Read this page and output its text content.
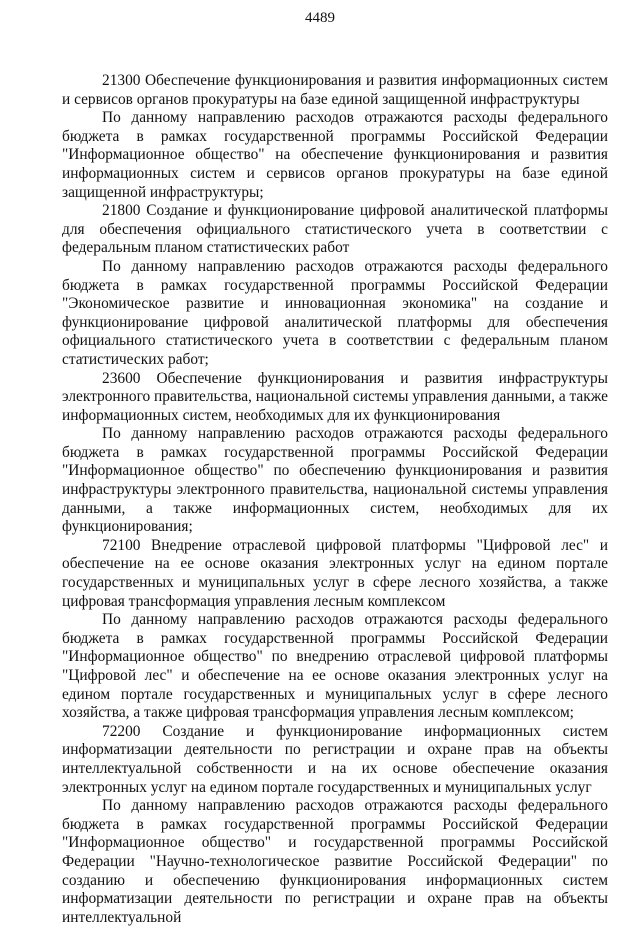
4489

21300 Обеспечение функционирования и развития информационных систем и сервисов органов прокуратуры на базе единой защищенной инфраструктуры

По данному направлению расходов отражаются расходы федерального бюджета в рамках государственной программы Российской Федерации "Информационное общество" на обеспечение функционирования и развития информационных систем и сервисов органов прокуратуры на базе единой защищенной инфраструктуры;

21800 Создание и функционирование цифровой аналитической платформы для обеспечения официального статистического учета в соответствии с федеральным планом статистических работ

По данному направлению расходов отражаются расходы федерального бюджета в рамках государственной программы Российской Федерации "Экономическое развитие и инновационная экономика" на создание и функционирование цифровой аналитической платформы для обеспечения официального статистического учета в соответствии с федеральным планом статистических работ;

23600 Обеспечение функционирования и развития инфраструктуры электронного правительства, национальной системы управления данными, а также информационных систем, необходимых для их функционирования

По данному направлению расходов отражаются расходы федерального бюджета в рамках государственной программы Российской Федерации "Информационное общество" по обеспечению функционирования и развития инфраструктуры электронного правительства, национальной системы управления данными, а также информационных систем, необходимых для их функционирования;

72100 Внедрение отраслевой цифровой платформы "Цифровой лес" и обеспечение на ее основе оказания электронных услуг на едином портале государственных и муниципальных услуг в сфере лесного хозяйства, а также цифровая трансформация управления лесным комплексом

По данному направлению расходов отражаются расходы федерального бюджета в рамках государственной программы Российской Федерации "Информационное общество" по внедрению отраслевой цифровой платформы "Цифровой лес" и обеспечение на ее основе оказания электронных услуг на едином портале государственных и муниципальных услуг в сфере лесного хозяйства, а также цифровая трансформация управления лесным комплексом;

72200 Создание и функционирование информационных систем информатизации деятельности по регистрации и охране прав на объекты интеллектуальной собственности и на их основе обеспечение оказания электронных услуг на едином портале государственных и муниципальных услуг

По данному направлению расходов отражаются расходы федерального бюджета в рамках государственной программы Российской Федерации "Информационное общество" и государственной программы Российской Федерации "Научно-технологическое развитие Российской Федерации" по созданию и обеспечению функционирования информационных систем информатизации деятельности по регистрации и охране прав на объекты интеллектуальной
